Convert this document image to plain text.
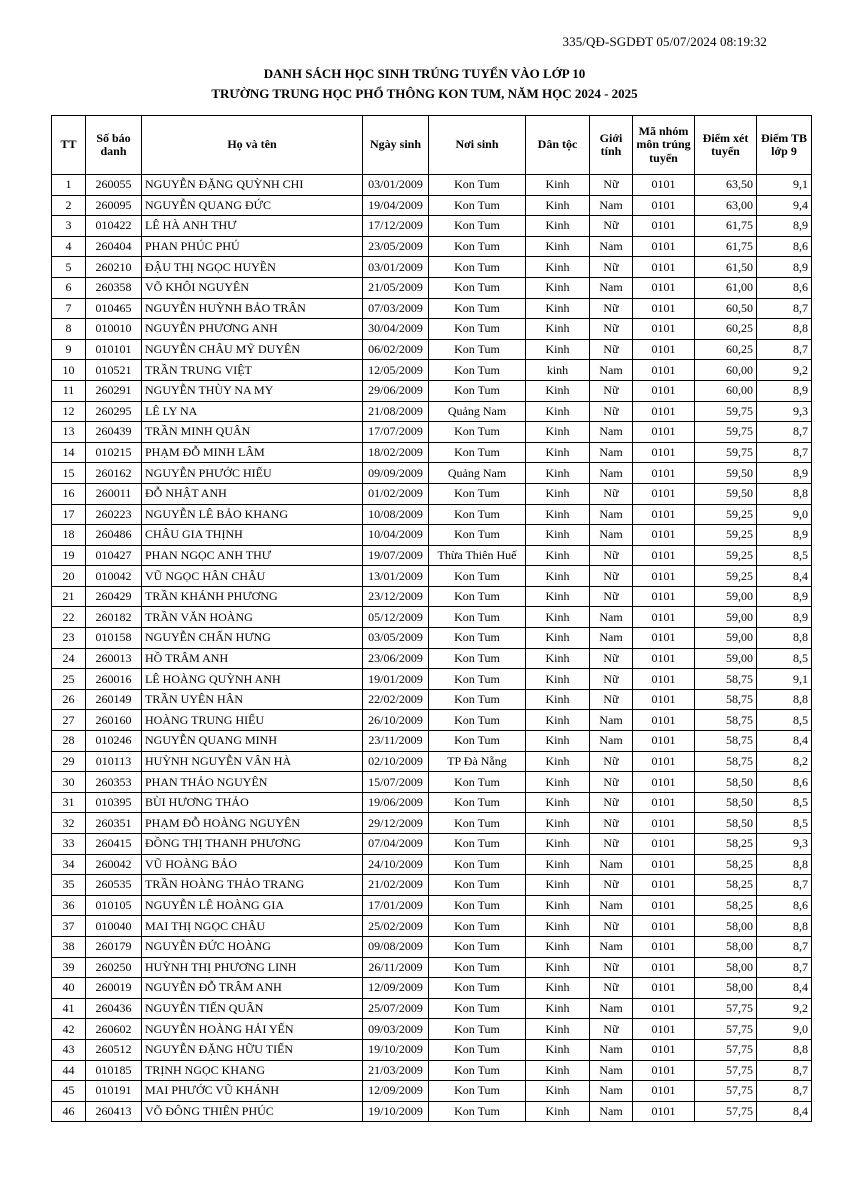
335/QĐ-SGDĐT 05/07/2024 08:19:32
DANH SÁCH HỌC SINH TRÚNG TUYỂN VÀO LỚP 10
TRƯỜNG TRUNG HỌC PHỔ THÔNG KON TUM, NĂM HỌC 2024 - 2025
TT	Số báo danh	Họ và tên	Ngày sinh	Nơi sinh	Dân tộc	Giới tính	Mã nhóm môn trúng tuyển	Điểm xét tuyển	Điểm TB lớp 9
1	260055	NGUYỄN ĐẶNG QUỲNH CHI	03/01/2009	Kon Tum	Kinh	Nữ	0101	63,50	9,1
2	260095	NGUYỄN QUANG ĐỨC	19/04/2009	Kon Tum	Kinh	Nam	0101	63,00	9,4
3	010422	LÊ HÀ ANH THƯ	17/12/2009	Kon Tum	Kinh	Nữ	0101	61,75	8,9
4	260404	PHAN PHÚC PHÚ	23/05/2009	Kon Tum	Kinh	Nam	0101	61,75	8,6
5	260210	ĐẬU THỊ NGỌC HUYỀN	03/01/2009	Kon Tum	Kinh	Nữ	0101	61,50	8,9
6	260358	VÕ KHÔI NGUYÊN	21/05/2009	Kon Tum	Kinh	Nam	0101	61,00	8,6
7	010465	NGUYỄN HUỲNH BẢO TRÂN	07/03/2009	Kon Tum	Kinh	Nữ	0101	60,50	8,7
8	010010	NGUYỄN PHƯƠNG ANH	30/04/2009	Kon Tum	Kinh	Nữ	0101	60,25	8,8
9	010101	NGUYỄN CHÂU MỸ DUYÊN	06/02/2009	Kon Tum	Kinh	Nữ	0101	60,25	8,7
10	010521	TRẦN TRUNG VIỆT	12/05/2009	Kon Tum	kinh	Nam	0101	60,00	9,2
11	260291	NGUYỄN THÙY NA MY	29/06/2009	Kon Tum	Kinh	Nữ	0101	60,00	8,9
12	260295	LÊ LY NA	21/08/2009	Quảng Nam	Kinh	Nữ	0101	59,75	9,3
13	260439	TRẦN MINH QUÂN	17/07/2009	Kon Tum	Kinh	Nam	0101	59,75	8,7
14	010215	PHẠM ĐỖ MINH LÂM	18/02/2009	Kon Tum	Kinh	Nam	0101	59,75	8,7
15	260162	NGUYỄN PHƯỚC HIẾU	09/09/2009	Quảng Nam	Kinh	Nam	0101	59,50	8,9
16	260011	ĐỖ NHẬT ANH	01/02/2009	Kon Tum	Kinh	Nữ	0101	59,50	8,8
17	260223	NGUYỄN LÊ BẢO KHANG	10/08/2009	Kon Tum	Kinh	Nam	0101	59,25	9,0
18	260486	CHÂU GIA THỊNH	10/04/2009	Kon Tum	Kinh	Nam	0101	59,25	8,9
19	010427	PHAN NGỌC ANH THƯ	19/07/2009	Thừa Thiên Huế	Kinh	Nữ	0101	59,25	8,5
20	010042	VŨ NGỌC HÂN CHÂU	13/01/2009	Kon Tum	Kinh	Nữ	0101	59,25	8,4
21	260429	TRẦN KHÁNH PHƯƠNG	23/12/2009	Kon Tum	Kinh	Nữ	0101	59,00	8,9
22	260182	TRẦN VĂN HOÀNG	05/12/2009	Kon Tum	Kinh	Nam	0101	59,00	8,9
23	010158	NGUYỄN CHẤN HƯNG	03/05/2009	Kon Tum	Kinh	Nam	0101	59,00	8,8
24	260013	HỒ TRÂM ANH	23/06/2009	Kon Tum	Kinh	Nữ	0101	59,00	8,5
25	260016	LÊ HOÀNG QUỲNH ANH	19/01/2009	Kon Tum	Kinh	Nữ	0101	58,75	9,1
26	260149	TRẦN UYÊN HÂN	22/02/2009	Kon Tum	Kinh	Nữ	0101	58,75	8,8
27	260160	HOÀNG TRUNG HIẾU	26/10/2009	Kon Tum	Kinh	Nam	0101	58,75	8,5
28	010246	NGUYỄN QUANG MINH	23/11/2009	Kon Tum	Kinh	Nam	0101	58,75	8,4
29	010113	HUỲNH NGUYỄN VÂN HÀ	02/10/2009	TP Đà Nẵng	Kinh	Nữ	0101	58,75	8,2
30	260353	PHAN THẢO NGUYÊN	15/07/2009	Kon Tum	Kinh	Nữ	0101	58,50	8,6
31	010395	BÙI HƯƠNG THẢO	19/06/2009	Kon Tum	Kinh	Nữ	0101	58,50	8,5
32	260351	PHẠM ĐỖ HOÀNG NGUYÊN	29/12/2009	Kon Tum	Kinh	Nữ	0101	58,50	8,5
33	260415	ĐỒNG THỊ THANH PHƯƠNG	07/04/2009	Kon Tum	Kinh	Nữ	0101	58,25	9,3
34	260042	VŨ HOÀNG BẢO	24/10/2009	Kon Tum	Kinh	Nam	0101	58,25	8,8
35	260535	TRẦN HOÀNG THẢO TRANG	21/02/2009	Kon Tum	Kinh	Nữ	0101	58,25	8,7
36	010105	NGUYỄN LÊ HOÀNG GIA	17/01/2009	Kon Tum	Kinh	Nam	0101	58,25	8,6
37	010040	MAI THỊ NGỌC CHÂU	25/02/2009	Kon Tum	Kinh	Nữ	0101	58,00	8,8
38	260179	NGUYỄN ĐỨC HOÀNG	09/08/2009	Kon Tum	Kinh	Nam	0101	58,00	8,7
39	260250	HUỲNH THỊ PHƯƠNG LINH	26/11/2009	Kon Tum	Kinh	Nữ	0101	58,00	8,7
40	260019	NGUYỄN ĐỖ TRÂM ANH	12/09/2009	Kon Tum	Kinh	Nữ	0101	58,00	8,4
41	260436	NGUYỄN TIẾN QUÂN	25/07/2009	Kon Tum	Kinh	Nam	0101	57,75	9,2
42	260602	NGUYỄN HOÀNG HẢI YẾN	09/03/2009	Kon Tum	Kinh	Nữ	0101	57,75	9,0
43	260512	NGUYỄN ĐẶNG HỮU TIẾN	19/10/2009	Kon Tum	Kinh	Nam	0101	57,75	8,8
44	010185	TRỊNH NGỌC KHANG	21/03/2009	Kon Tum	Kinh	Nam	0101	57,75	8,7
45	010191	MAI PHƯỚC VŨ KHÁNH	12/09/2009	Kon Tum	Kinh	Nam	0101	57,75	8,7
46	260413	VÕ ĐÔNG THIÊN PHÚC	19/10/2009	Kon Tum	Kinh	Nam	0101	57,75	8,4
